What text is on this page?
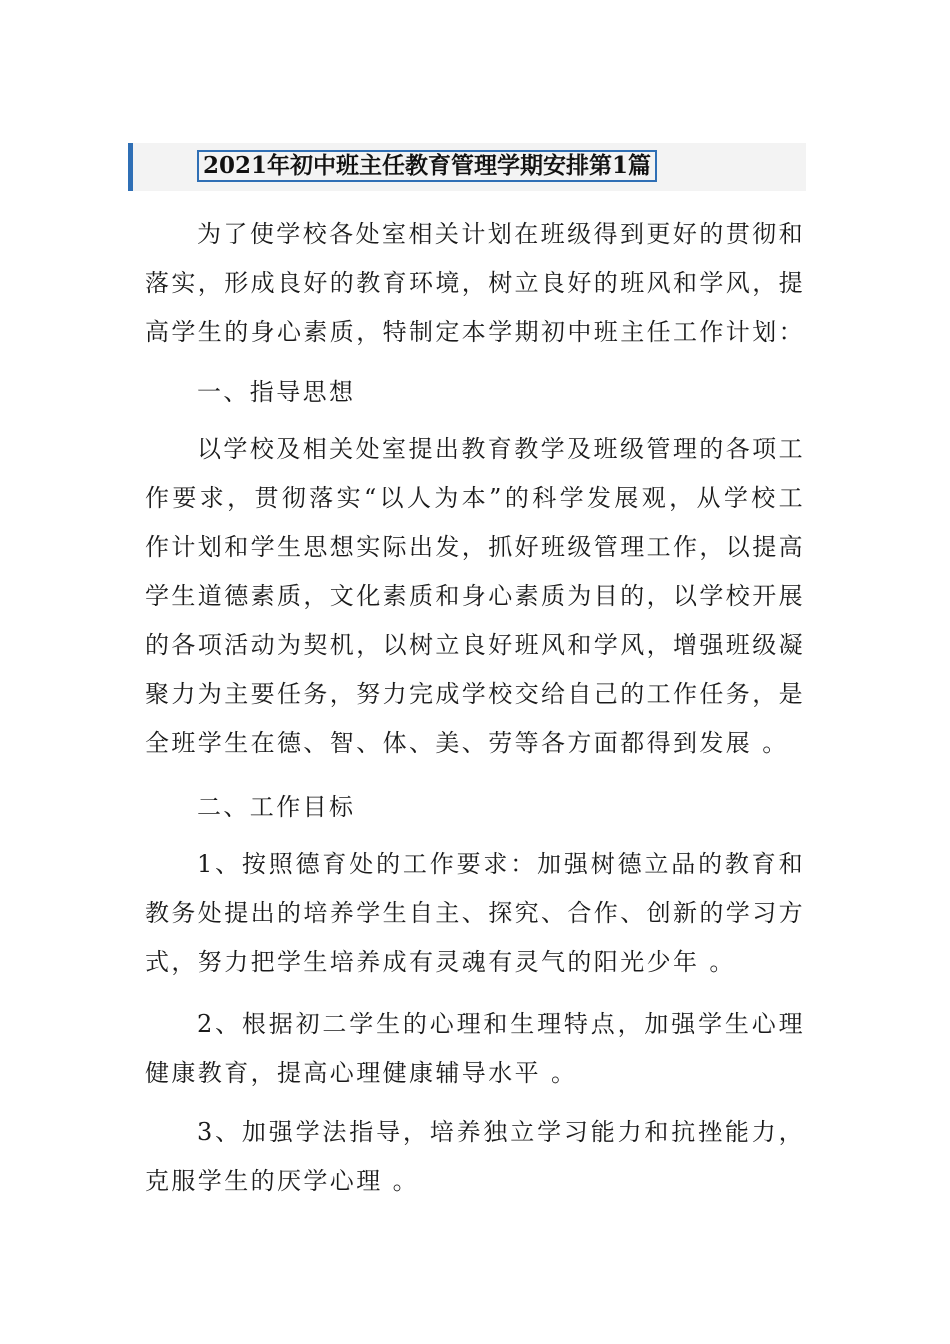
2021年初中班主任教育管理学期安排第1篇

为了使学校各处室相关计划在班级得到更好的贯彻和落实，形成良好的教育环境，树立良好的班风和学风，提高学生的身心素质，特制定本学期初中班主任工作计划：

一、指导思想

以学校及相关处室提出教育教学及班级管理的各项工作要求，贯彻落实“以人为本”的科学发展观，从学校工作计划和学生思想实际出发，抓好班级管理工作，以提高学生道德素质，文化素质和身心素质为目的，以学校开展的各项活动为契机，以树立良好班风和学风，增强班级凝聚力为主要任务，努力完成学校交给自己的工作任务，是全班学生在德、智、体、美、劳等各方面都得到发展 。

二、工作目标

1、按照德育处的工作要求：加强树德立品的教育和教务处提出的培养学生自主、探究、合作、创新的学习方式，努力把学生培养成有灵魂有灵气的阳光少年 。

2、根据初二学生的心理和生理特点，加强学生心理健康教育，提高心理健康辅导水平 。

3、加强学法指导，培养独立学习能力和抗挫能力，克服学生的厌学心理 。
